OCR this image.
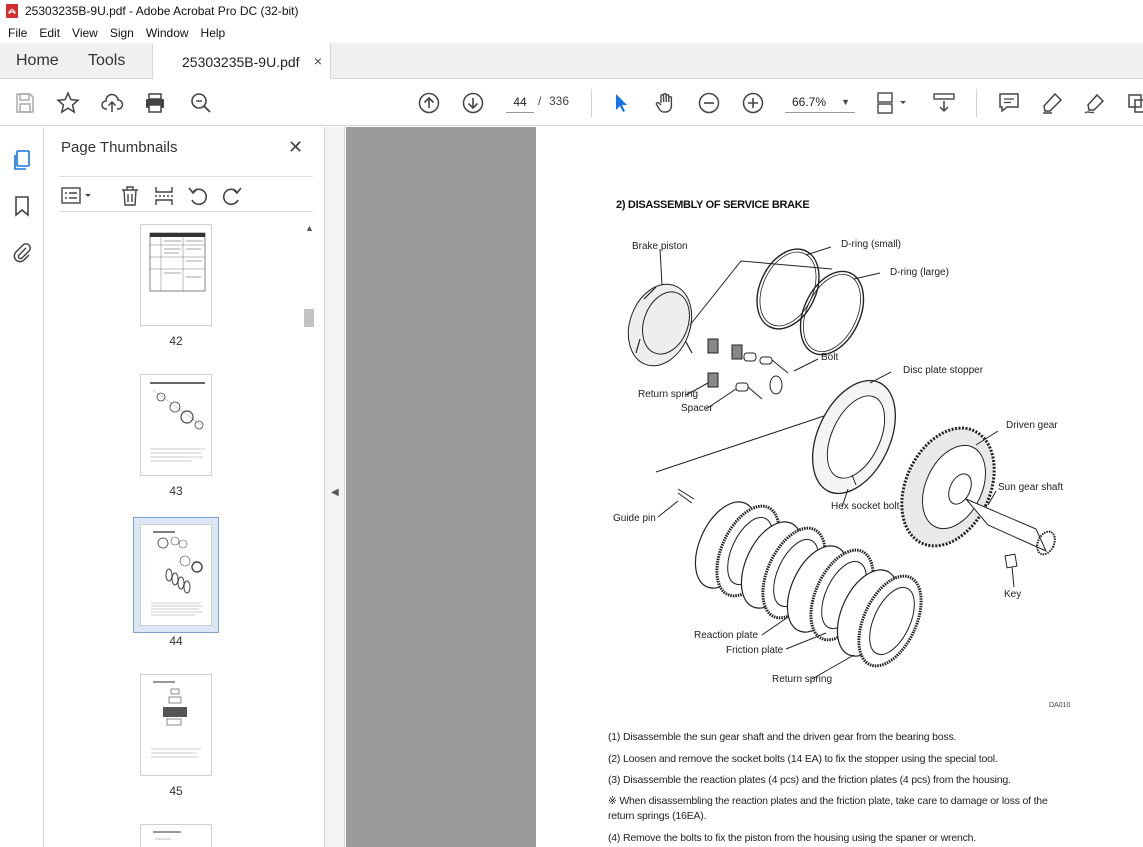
25303235B-9U.pdf - Adobe Acrobat Pro DC (32-bit)
File	Edit	View	Sign	Window	Help
Home Tools	25303235B-9U.pdf ×
44 / 336	66.7% ▼
Page Thumbnails	✕
42
43
44
45
▲
◀
2) DISASSEMBLY OF SERVICE BRAKE
Brake piston	D-ring (small)
D-ring (large)
Bolt
Disc plate stopper
Return spring
Spacer
Driven gear
Hex socket bolt
Sun gear shaft
Guide pin
Key
Reaction plate
Friction plate
Return spring
DA010
(1) Disassemble the sun gear shaft and the driven gear from the bearing boss.
(2) Loosen and remove the socket bolts (14 EA) to fix the stopper using the special tool.
(3) Disassemble the reaction plates (4 pcs) and the friction plates (4 pcs) from the housing.
※ When disassembling the reaction plates and the friction plate, take care to damage or loss of the return springs (16EA).
(4) Remove the bolts to fix the piston from the housing using the spaner or wrench.
